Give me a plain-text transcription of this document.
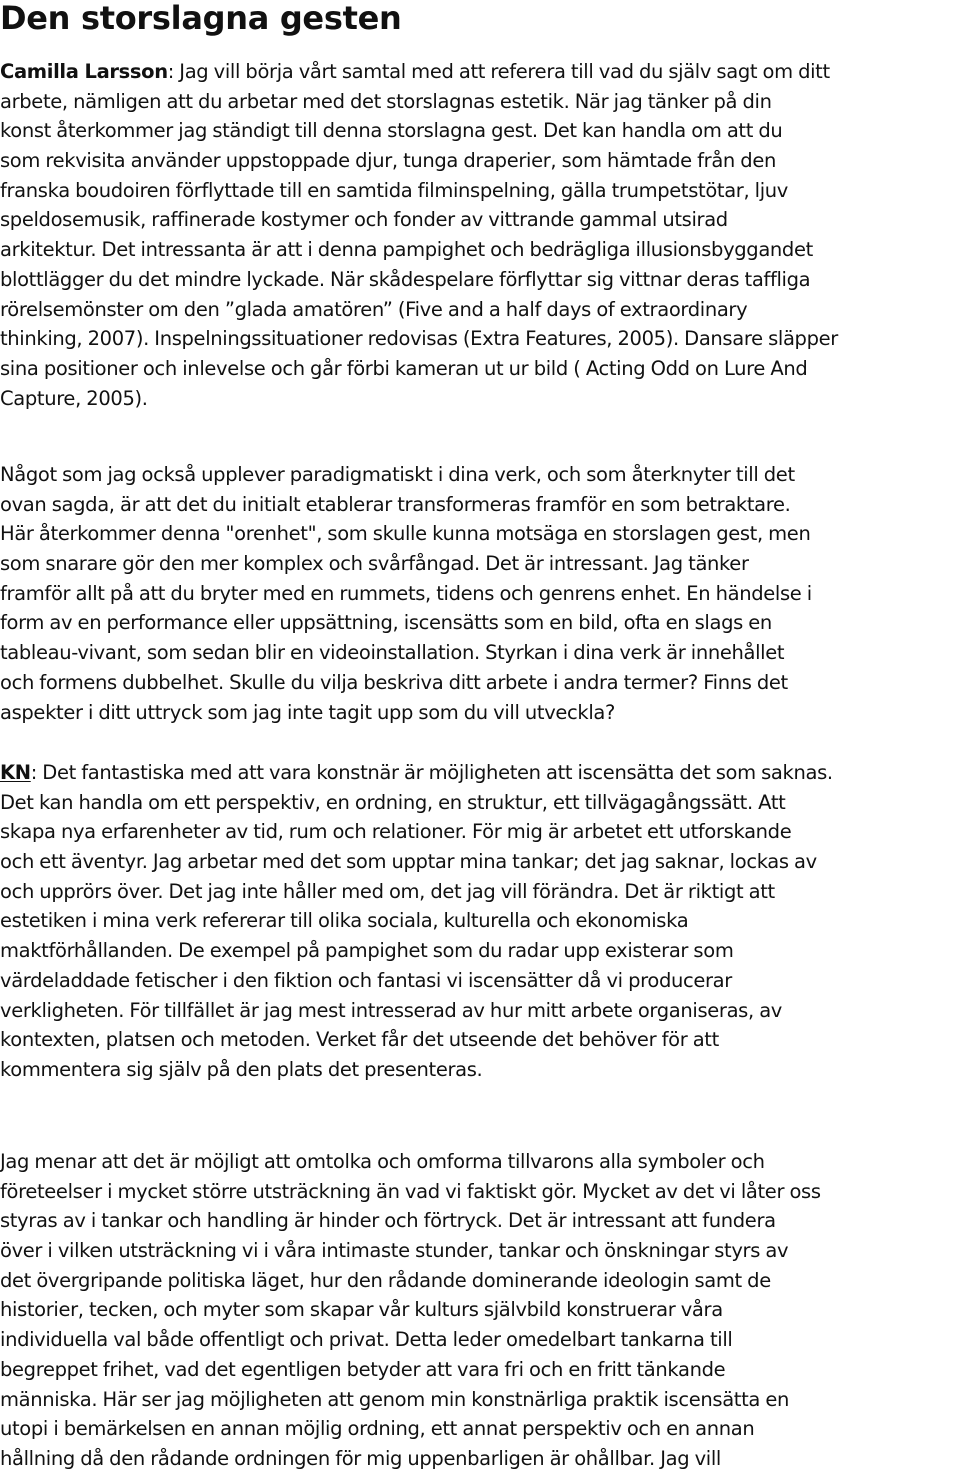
Den storslagna gesten
Camilla Larsson: Jag vill börja vårt samtal med att referera till vad du själv sagt om ditt
arbete, nämligen att du arbetar med det storslagnas estetik. När jag tänker på din
konst återkommer jag ständigt till denna storslagna gest. Det kan handla om att du
som rekvisita använder uppstoppade djur, tunga draperier, som hämtade från den
franska boudoiren förflyttade till en samtida filminspelning, gälla trumpetstötar, ljuv
speldosemusik, raffinerade kostymer och fonder av vittrande gammal utsirad
arkitektur. Det intressanta är att i denna pampighet och bedrägliga illusionsbyggandet
blottlägger du det mindre lyckade. När skådespelare förflyttar sig vittnar deras taffliga
rörelsemönster om den ”glada amatören” (Five and a half days of extraordinary
thinking, 2007). Inspelningssituationer redovisas (Extra Features, 2005). Dansare släpper
sina positioner och inlevelse och går förbi kameran ut ur bild ( Acting Odd on Lure And
Capture, 2005).
Något som jag också upplever paradigmatiskt i dina verk, och som återknyter till det
ovan sagda, är att det du initialt etablerar transformeras framför en som betraktare.
Här återkommer denna "orenhet", som skulle kunna motsäga en storslagen gest, men
som snarare gör den mer komplex och svårfångad. Det är intressant. Jag tänker
framför allt på att du bryter med en rummets, tidens och genrens enhet. En händelse i
form av en performance eller uppsättning, iscensätts som en bild, ofta en slags en
tableau-vivant, som sedan blir en videoinstallation. Styrkan i dina verk är innehållet
och formens dubbelhet. Skulle du vilja beskriva ditt arbete i andra termer? Finns det
aspekter i ditt uttryck som jag inte tagit upp som du vill utveckla?
KN: Det fantastiska med att vara konstnär är möjligheten att iscensätta det som saknas.
Det kan handla om ett perspektiv, en ordning, en struktur, ett tillvägagångssätt. Att
skapa nya erfarenheter av tid, rum och relationer. För mig är arbetet ett utforskande
och ett äventyr. Jag arbetar med det som upptar mina tankar; det jag saknar, lockas av
och upprörs över. Det jag inte håller med om, det jag vill förändra. Det är riktigt att
estetiken i mina verk refererar till olika sociala, kulturella och ekonomiska
maktförhållanden. De exempel på pampighet som du radar upp existerar som
värdeladdade fetischer i den fiktion och fantasi vi iscensätter då vi producerar
verkligheten. För tillfället är jag mest intresserad av hur mitt arbete organiseras, av
kontexten, platsen och metoden. Verket får det utseende det behöver för att
kommentera sig själv på den plats det presenteras.
Jag menar att det är möjligt att omtolka och omforma tillvarons alla symboler och
företeelser i mycket större utsträckning än vad vi faktiskt gör. Mycket av det vi låter oss
styras av i tankar och handling är hinder och förtryck. Det är intressant att fundera
över i vilken utsträckning vi i våra intimaste stunder, tankar och önskningar styrs av
det övergripande politiska läget, hur den rådande dominerande ideologin samt de
historier, tecken, och myter som skapar vår kulturs självbild konstruerar våra
individuella val både offentligt och privat. Detta leder omedelbart tankarna till
begreppet frihet, vad det egentligen betyder att vara fri och en fritt tänkande
människa. Här ser jag möjligheten att genom min konstnärliga praktik iscensätta en
utopi i bemärkelsen en annan möjlig ordning, ett annat perspektiv och en annan
hållning då den rådande ordningen för mig uppenbarligen är ohållbar. Jag vill
